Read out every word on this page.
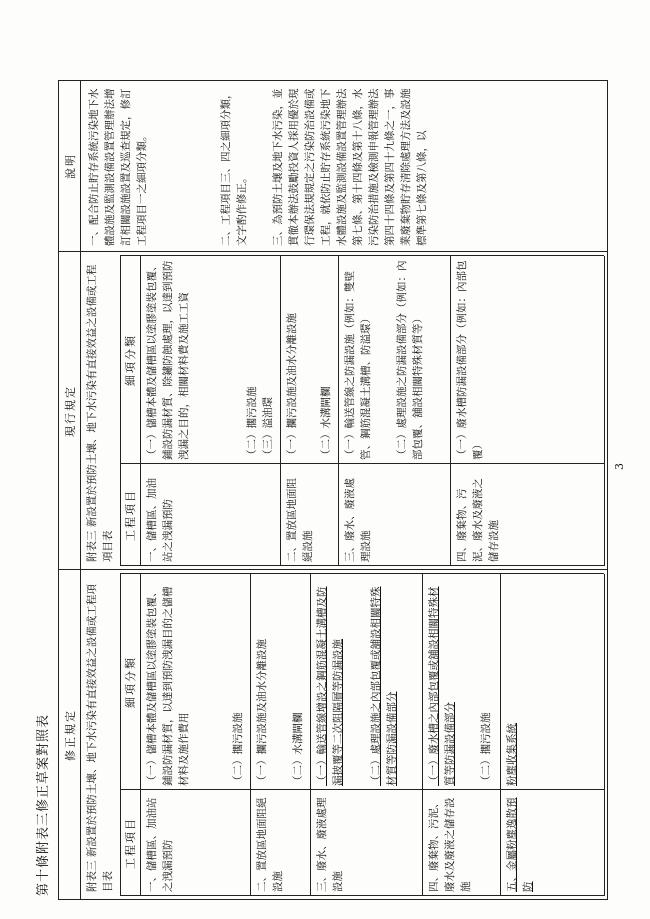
第十條附表三修正草案對照表 修正規定
現行規定
說明
附表三 新設置於預防土壤、地下水污染有直接效益之設備或工程項目表
工程項目
細項分類
一、儲槽區、加油站之洩漏預防
（一）儲槽本體及儲槽區以塗膠塗裝包覆、鋪設防漏材質，以達到預防洩漏目的之儲槽材料及施作費用	（二）擱污設施
二、置放區地面阻絕設施
（一）攔污設施及油水分離設施 （二）水溝閘欄
三、廢水、廢液處理設施
（一）輸送管線增設之鋼筋混凝土溝槽及防漏披覆等二次阻隔層等防漏設施 （二）處理設施之內部包覆或舖設相關特殊材質等防漏設備部分
四、廢棄物、污泥、廢水及廢液之儲存設施
（一）廢水槽之內部包覆或舖設相關特殊材質等防漏設備部分 （二）擱污設施
五、金屬粉塵逸散預防
粉塵收集系統
附表三 新設置於預防土壤、地下水污染有直接效益之設備或工程項目表
工程項目
細項分類
一、儲槽區、加油站之洩漏預防
（一）儲槽本體及儲槽區以塗膠塗裝包覆、鋪設防漏材質、除鏽防蝕處理，以達到預防洩漏之目的，相關材料費及施工工資	（二）擱污設施 （三）溢油環
二、置放區地面阻絕設施
（一）攔污設施及油水分離設施 （二）水溝閘欄
三、廢水、廢液處理設施
（一）輸送管線之防漏設施（例如：雙壁管、鋼筋混凝土溝槽、防溢環） （二）處理設施之防漏設備部分（例如：內部包覆、舖設相關特殊材質等）
四、廢棄物、污泥、廢水及廢液之儲存設施
（一）廢水槽防漏設備部分（例如：內部包覆）
一、配合防止貯存系統污染地下水體設施及監測設備設置管理辦法增訂相關設施設置及巡查規定，修訂工程項目一之細項分類。	二、工程項目三、四之細項分類，文字酌作修正。 三、為預防土壤及地下水污染，並貫徹本辦法鼓勵投資人採用優於現行環保法規規定之污染防治設備或工程，就依防止貯存系統污染地下水體設施及監測設備設置管理辦法第七條、第十四條及第十八條，水污染防治措施及檢測申報管理辦法第四十四條及第四十九條之一，事業廢棄物貯存清除處理方法及設施標準第七條及第八條，以
3
